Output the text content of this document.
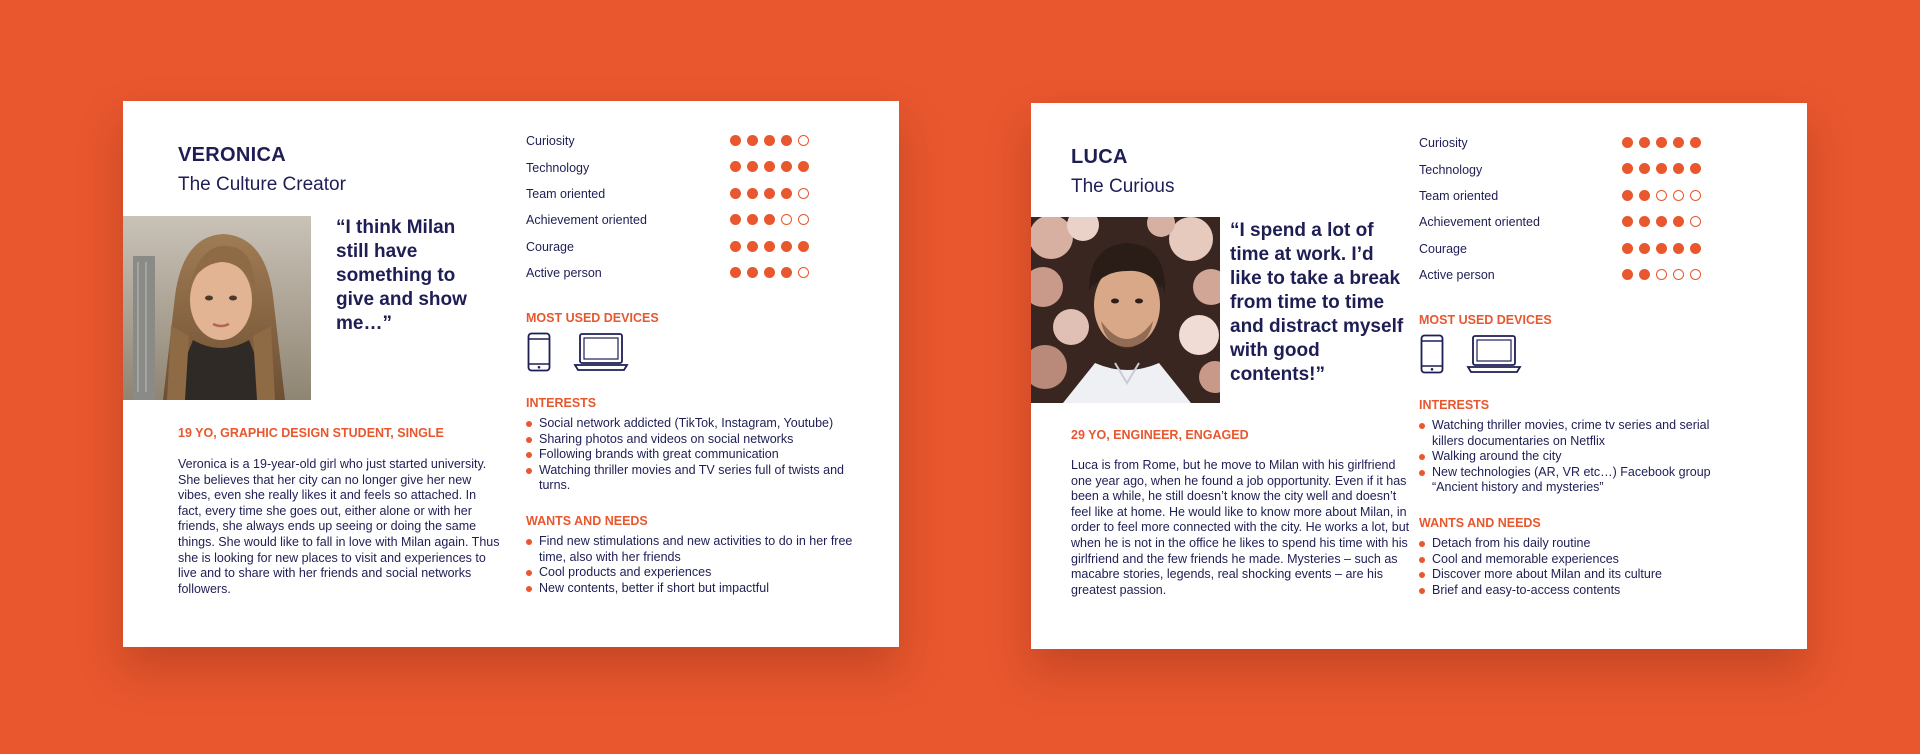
VERONICA
The Culture Creator
“I think Milan still have something to give and show me…”
19 YO, GRAPHIC DESIGN STUDENT, SINGLE

Veronica is a 19-year-old girl who just started university. She believes that her city can no longer give her new vibes, even she really likes it and feels so attached. In fact, every time she goes out, either alone or with her friends, she always ends up seeing or doing the same things. She would like to fall in love with Milan again. Thus she is looking for new places to visit and experiences to live and to share with her friends and social networks followers.

Curiosity
Technology
Team oriented
Achievement oriented
Courage
Active person
MOST USED DEVICES
INTERESTS
Social network addicted (TikTok, Instagram, Youtube)
Sharing photos and videos on social networks
Following brands with great communication
Watching thriller movies and TV series full of twists and turns.
WANTS AND NEEDS
Find new stimulations and new activities to do in her free time, also with her friends
Cool products and experiences
New contents, better if short but impactful
LUCA
The Curious
“I spend a lot of time at work. I’d like to take a break from time to time and distract myself with good contents!”
29 YO, ENGINEER, ENGAGED

Luca is from Rome, but he move to Milan with his girlfriend one year ago, when he found a job opportunity. Even if it has been a while, he still doesn’t know the city well and doesn’t feel like at home. He would like to know more about Milan, in order to feel more connected with the city. He works a lot, but when he is not in the office he likes to spend his time with his girlfriend and the few friends he made. Mysteries – such as macabre stories, legends, real shocking events – are his greatest passion.

Curiosity
Technology
Team oriented
Achievement oriented
Courage
Active person
MOST USED DEVICES
INTERESTS
Watching thriller movies, crime tv series and serial killers documentaries on Netflix
Walking around the city
New technologies (AR, VR etc…) Facebook group “Ancient history and mysteries”
WANTS AND NEEDS
Detach from his daily routine
Cool and memorable experiences
Discover more about Milan and its culture
Brief and easy-to-access contents
